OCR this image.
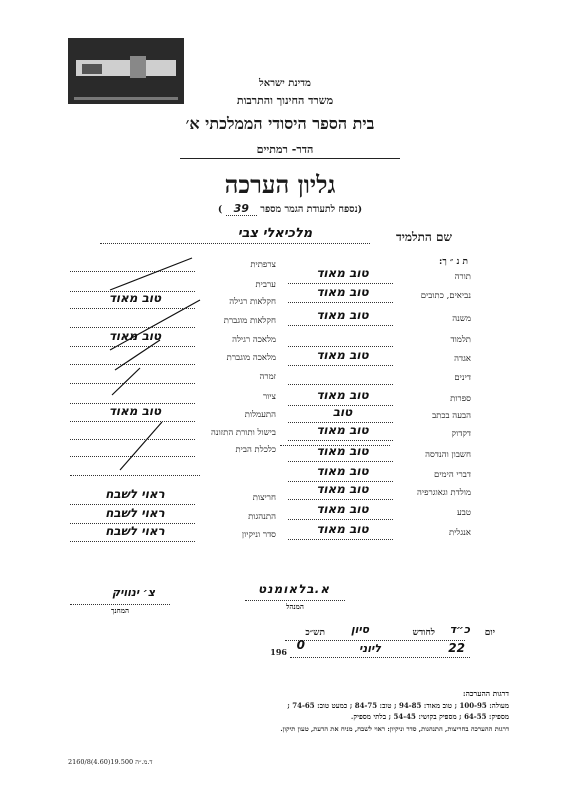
מדינת ישראל
משרד החינוך והתרבות
בית הספר היסודי הממלכתי א׳
הדר- רמתיים
גליון הערכה
(נספח לתעודת הגמר מספר 39 )
שם התלמיד
מלכיאלי צבי
ת נ ״ ך:
תורה
טוב מאוד
נביאים, כתובים
טוב מאוד
משנה
טוב מאוד
תלמוד
אגדה
טוב מאוד
דינים
ספרות
טוב מאוד
הבעה בכתב
טוב
דקדוק
טוב מאוד
חשבון והנדסה
טוב מאוד
דברי הימים
טוב מאוד
מולדת וגאוגרפיה
טוב מאוד
טבע
טוב מאוד
אנגלית
טוב מאוד
צרפתית
ערבית
חקלאות רגילה
טוב מאוד
חקלאות מוגברת
מלאכה רגילה
טוב מאוד
מלאכה מוגברת
זמרה
ציור
התעמלות
טוב מאוד
בישול ותורת התזונה
כלכלת הבית
חריצות
ראוי לשבח
התנהגות
ראוי לשבח
סדר וניקיון
ראוי לשבח
צ׳ ינוויק	א.בלאומנט
המחנך	המנהל
יום
כ״ד
לחודש
סיון
תש״כ
22
ליוני
196 0
דרגות ההערכה:
מעולה: 100-95 ; טוב מאוד: 94-85 ; טוב: 84-75 ; כמעט טוב: 74-65 ;
מספיק: 64-55 ; מספיק בקושי: 54-45 ; בלתי מספיק.
דרגות ההערכה בחריצות, התנהגות, סדר וניקיון: ראוי לשבח, מניח את הדעת, טעון תיקון.
2160/8(4.60)19.500 ד.מ.״ה
